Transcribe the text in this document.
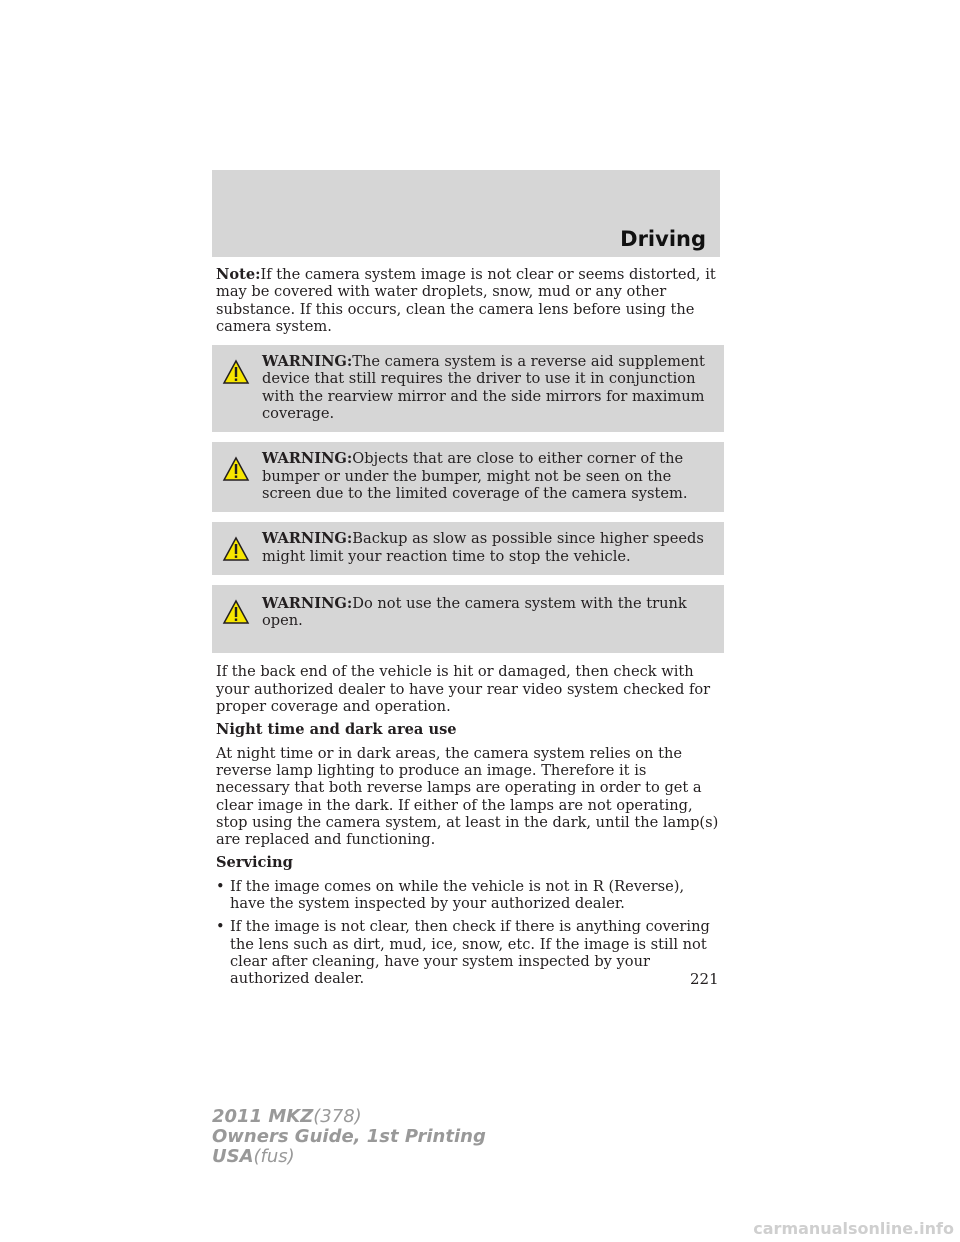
Driving

Note:If the camera system image is not clear or seems distorted, it may be covered with water droplets, snow, mud or any other substance. If this occurs, clean the camera lens before using the camera system.

WARNING:The camera system is a reverse aid supplement device that still requires the driver to use it in conjunction with the rearview mirror and the side mirrors for maximum coverage.
WARNING:Objects that are close to either corner of the bumper or under the bumper, might not be seen on the screen due to the limited coverage of the camera system.
WARNING:Backup as slow as possible since higher speeds might limit your reaction time to stop the vehicle.
WARNING:Do not use the camera system with the trunk open.

If the back end of the vehicle is hit or damaged, then check with your authorized dealer to have your rear video system checked for proper coverage and operation.

Night time and dark area use

At night time or in dark areas, the camera system relies on the reverse lamp lighting to produce an image. Therefore it is necessary that both reverse lamps are operating in order to get a clear image in the dark. If either of the lamps are not operating, stop using the camera system, at least in the dark, until the lamp(s) are replaced and functioning.

Servicing

• If the image comes on while the vehicle is not in R (Reverse), have the system inspected by your authorized dealer.
• If the image is not clear, then check if there is anything covering the lens such as dirt, mud, ice, snow, etc. If the image is still not clear after cleaning, have your system inspected by your authorized dealer.	221
2011 MKZ(378)
Owners Guide, 1st Printing
USA(fus)
carmanualsonline.info
